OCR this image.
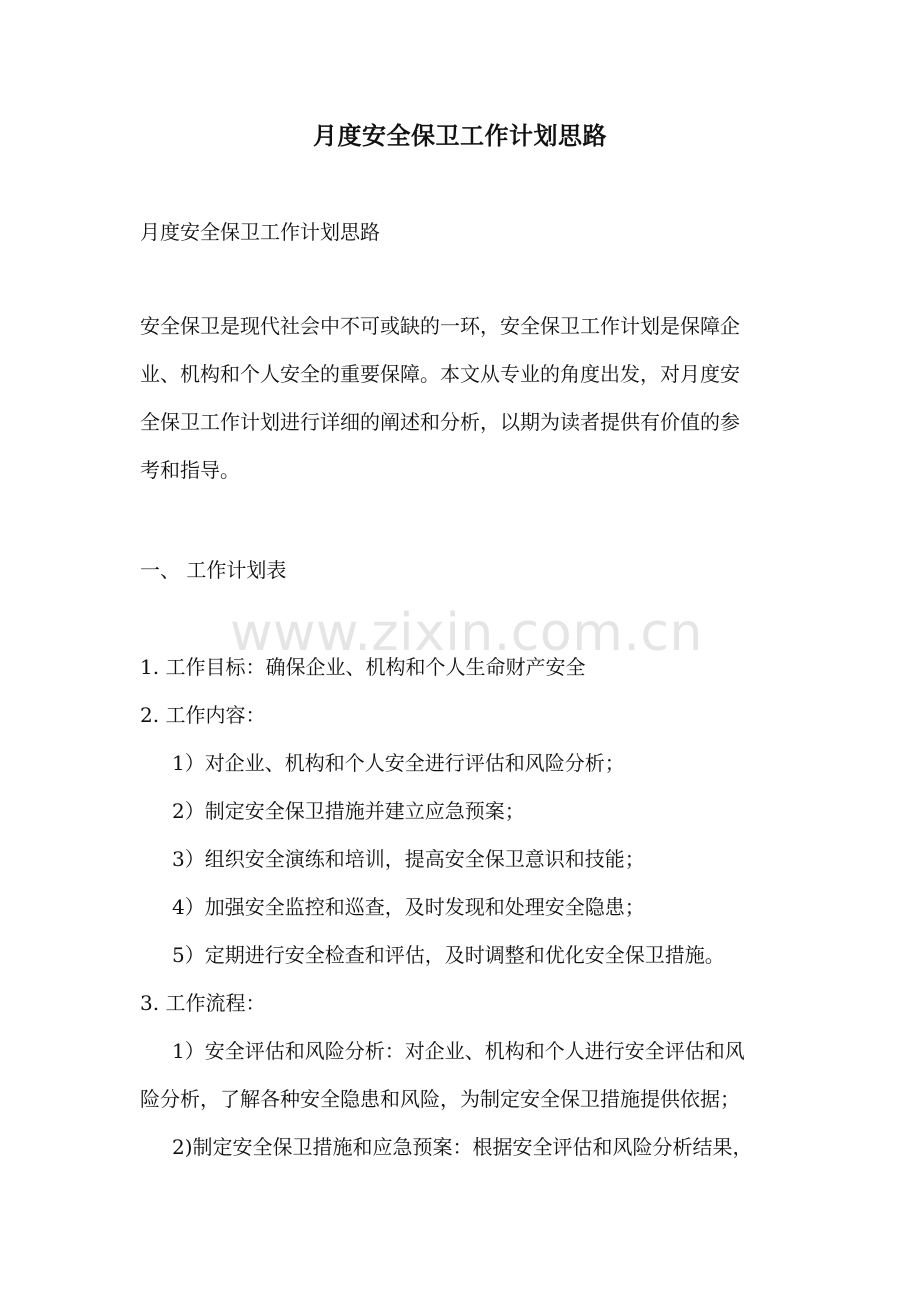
月度安全保卫工作计划思路
月度安全保卫工作计划思路
安全保卫是现代社会中不可或缺的一环，安全保卫工作计划是保障企
业、机构和个人安全的重要保障。本文从专业的角度出发，对月度安
全保卫工作计划进行详细的阐述和分析，以期为读者提供有价值的参
考和指导。
一、 工作计划表
www.zixin.com.cn
1. 工作目标：确保企业、机构和个人生命财产安全
2. 工作内容：
1）对企业、机构和个人安全进行评估和风险分析；
2）制定安全保卫措施并建立应急预案；
3）组织安全演练和培训，提高安全保卫意识和技能；
4）加强安全监控和巡查，及时发现和处理安全隐患；
5）定期进行安全检查和评估，及时调整和优化安全保卫措施。
3. 工作流程：
1）安全评估和风险分析：对企业、机构和个人进行安全评估和风
险分析，了解各种安全隐患和风险，为制定安全保卫措施提供依据；
2)制定安全保卫措施和应急预案：根据安全评估和风险分析结果，
